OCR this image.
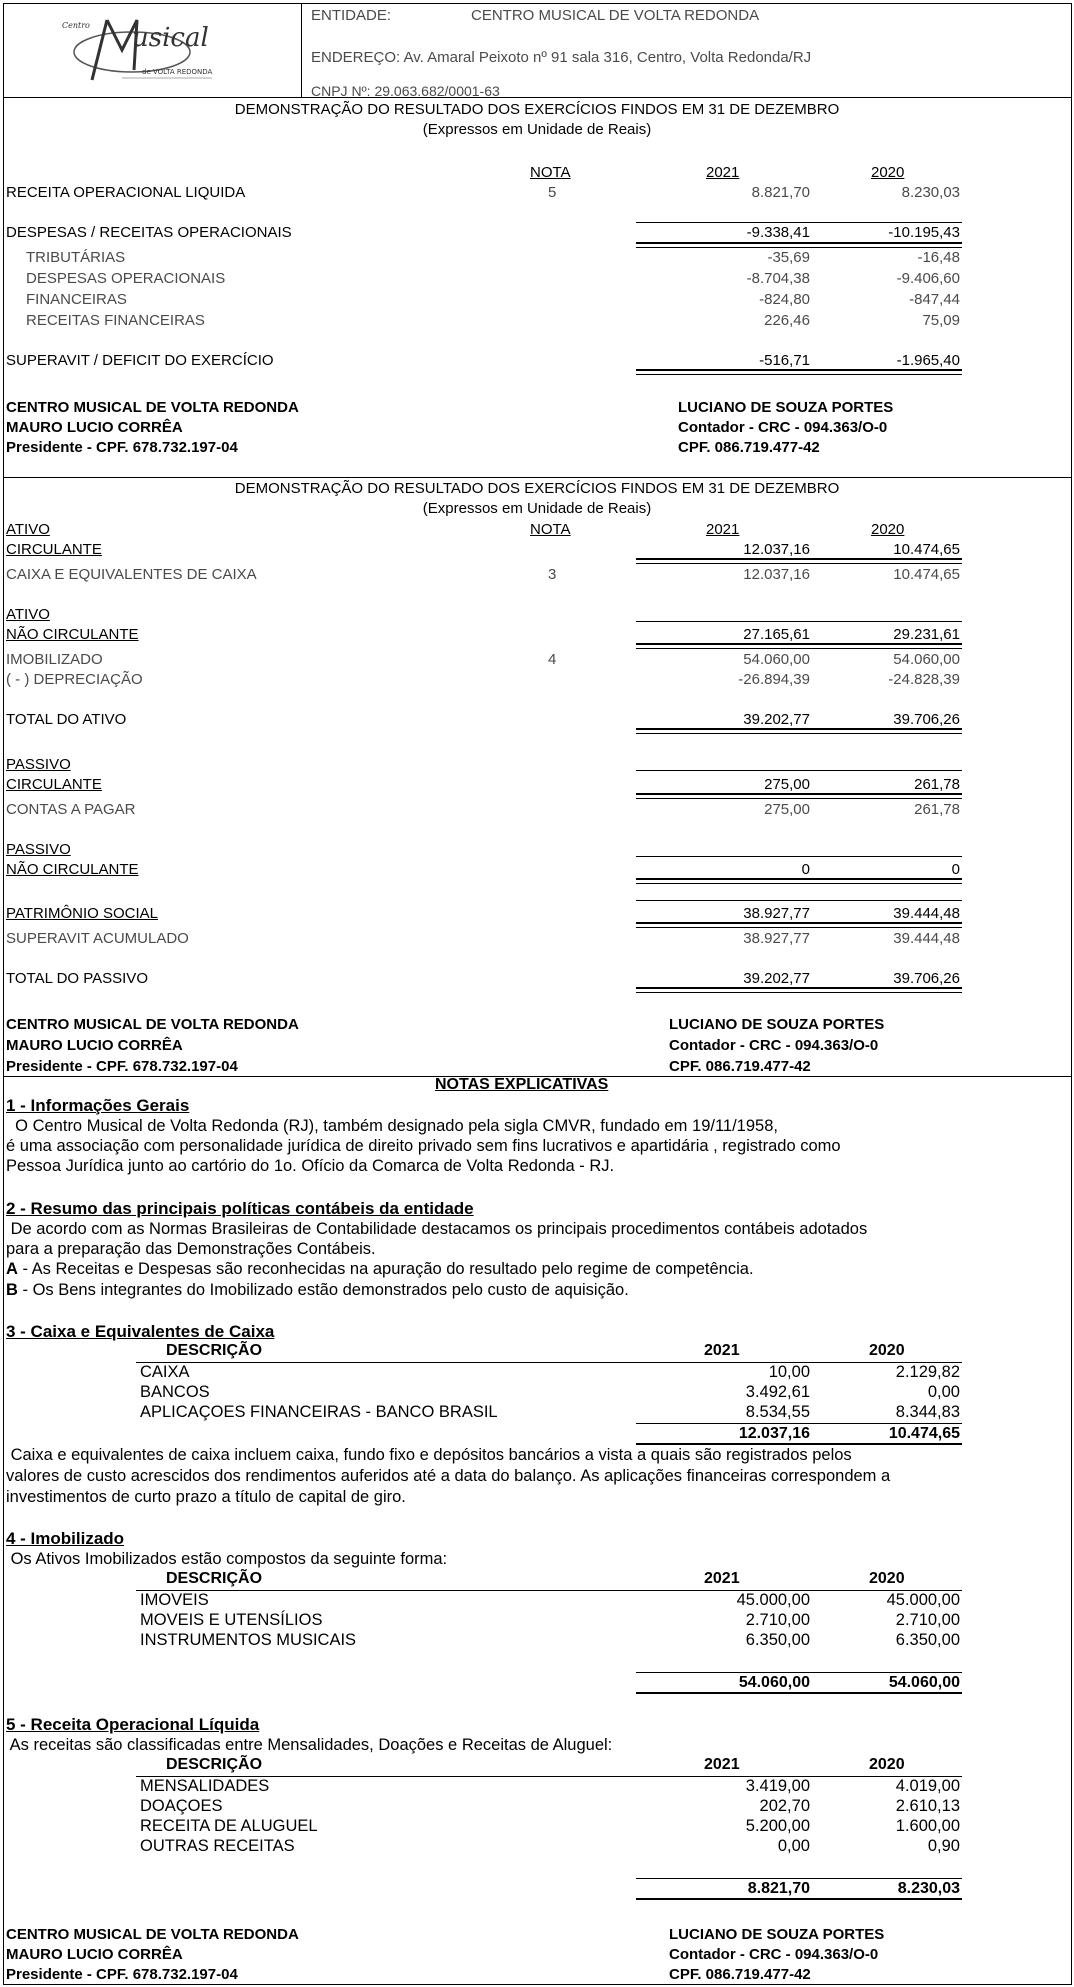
Centro usical
de VOLTA REDONDA
ENTIDADE:	CENTRO MUSICAL DE VOLTA REDONDA
ENDEREÇO: Av. Amaral Peixoto nº 91 sala 316, Centro, Volta Redonda/RJ
CNPJ Nº: 29.063.682/0001-63
DEMONSTRAÇÃO DO RESULTADO DOS EXERCÍCIOS FINDOS EM 31 DE DEZEMBRO
(Expressos em Unidade de Reais)
NOTA	2021	2020
RECEITA OPERACIONAL LIQUIDA	5	8.821,70	8.230,03
DESPESAS / RECEITAS OPERACIONAIS	-9.338,41	-10.195,43
TRIBUTÁRIAS	-35,69	-16,48
DESPESAS OPERACIONAIS	-8.704,38	-9.406,60
FINANCEIRAS	-824,80	-847,44
RECEITAS FINANCEIRAS	226,46	75,09
SUPERAVIT / DEFICIT DO EXERCÍCIO	-516,71	-1.965,40
CENTRO MUSICAL DE VOLTA REDONDA
MAURO LUCIO CORRÊA
Presidente - CPF. 678.732.197-04
LUCIANO DE SOUZA PORTES
Contador - CRC - 094.363/O-0
CPF. 086.719.477-42
DEMONSTRAÇÃO DO RESULTADO DOS EXERCÍCIOS FINDOS EM 31 DE DEZEMBRO
(Expressos em Unidade de Reais)
ATIVO	NOTA	2021	2020
CIRCULANTE	12.037,16	10.474,65
CAIXA E EQUIVALENTES DE CAIXA	3	12.037,16	10.474,65
ATIVO
NÃO CIRCULANTE	27.165,61	29.231,61
IMOBILIZADO	4	54.060,00	54.060,00
( - ) DEPRECIAÇÃO	-26.894,39	-24.828,39
TOTAL DO ATIVO	39.202,77	39.706,26
PASSIVO
CIRCULANTE	275,00	261,78
CONTAS A PAGAR	275,00	261,78
PASSIVO
NÃO CIRCULANTE	0	0
PATRIMÔNIO SOCIAL	38.927,77	39.444,48
SUPERAVIT ACUMULADO	38.927,77	39.444,48
TOTAL DO PASSIVO	39.202,77	39.706,26
CENTRO MUSICAL DE VOLTA REDONDA
MAURO LUCIO CORRÊA
Presidente - CPF. 678.732.197-04
LUCIANO DE SOUZA PORTES
Contador - CRC - 094.363/O-0
CPF. 086.719.477-42
NOTAS EXPLICATIVAS
1 - Informações Gerais
O Centro Musical de Volta Redonda (RJ), também designado pela sigla CMVR, fundado em 19/11/1958,
é uma associação com personalidade jurídica de direito privado sem fins lucrativos e apartidária , registrado como
Pessoa Jurídica junto ao cartório do 1o. Ofício da Comarca de Volta Redonda - RJ.
2 - Resumo das principais políticas contábeis da entidade
De acordo com as Normas Brasileiras de Contabilidade destacamos os principais procedimentos contábeis adotados
para a preparação das Demonstrações Contábeis.
A - As Receitas e Despesas são reconhecidas na apuração do resultado pelo regime de competência.
B - Os Bens integrantes do Imobilizado estão demonstrados pelo custo de aquisição.
3 - Caixa e Equivalentes de Caixa
DESCRIÇÃO	2021	2020
CAIXA	10,00	2.129,82
BANCOS	3.492,61	0,00
APLICAÇOES FINANCEIRAS - BANCO BRASIL	8.534,55	8.344,83
12.037,16	10.474,65
Caixa e equivalentes de caixa incluem caixa, fundo fixo e depósitos bancários a vista a quais são registrados pelos
valores de custo acrescidos dos rendimentos auferidos até a data do balanço. As aplicações financeiras correspondem a
investimentos de curto prazo a título de capital de giro.
4 - Imobilizado
Os Ativos Imobilizados estão compostos da seguinte forma:
DESCRIÇÃO	2021	2020
IMOVEIS	45.000,00	45.000,00
MOVEIS E UTENSÍLIOS	2.710,00	2.710,00
INSTRUMENTOS MUSICAIS	6.350,00	6.350,00
54.060,00	54.060,00
5 - Receita Operacional Líquida
As receitas são classificadas entre Mensalidades, Doações e Receitas de Aluguel:
DESCRIÇÃO	2021	2020
MENSALIDADES	3.419,00	4.019,00
DOAÇOES	202,70	2.610,13
RECEITA DE ALUGUEL	5.200,00	1.600,00
OUTRAS RECEITAS	0,00	0,90
8.821,70	8.230,03
CENTRO MUSICAL DE VOLTA REDONDA
MAURO LUCIO CORRÊA
Presidente - CPF. 678.732.197-04
LUCIANO DE SOUZA PORTES
Contador - CRC - 094.363/O-0
CPF. 086.719.477-42
